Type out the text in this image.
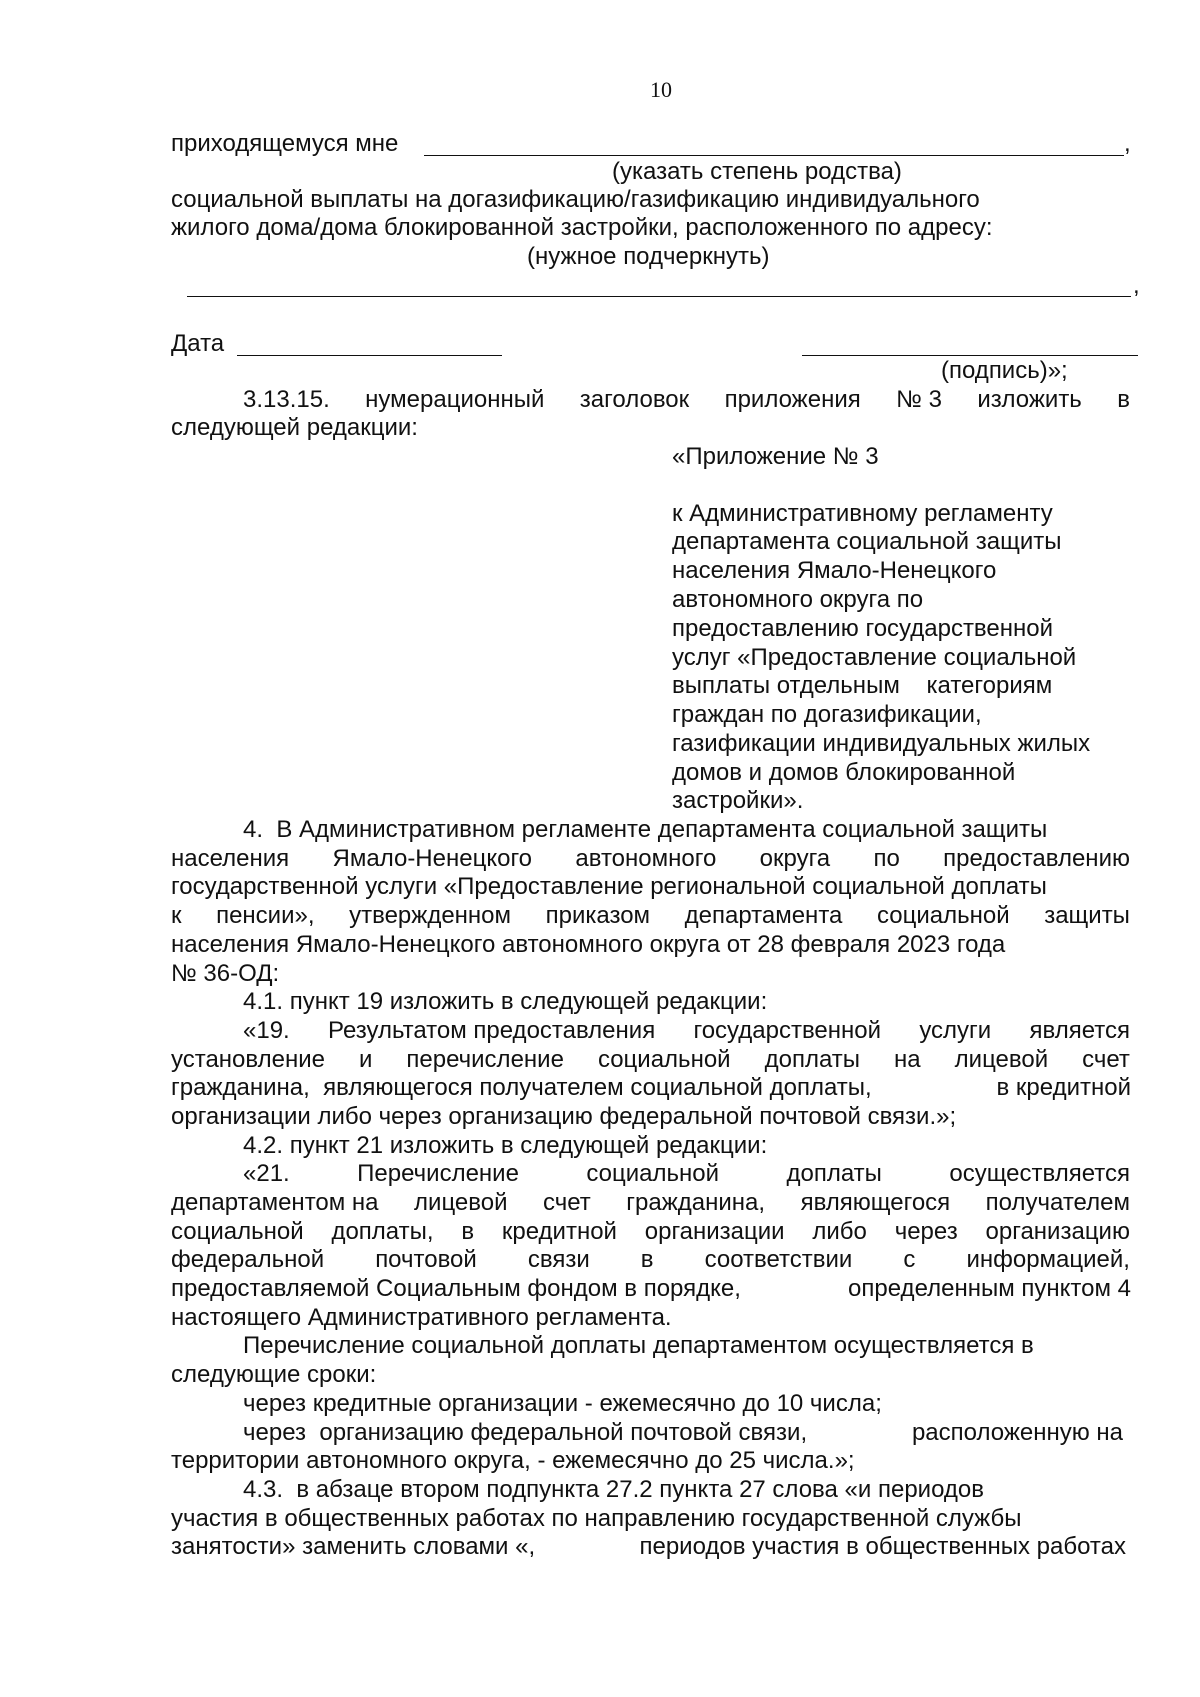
10
приходящемуся мне	,
(указать степень родства)
социальной выплаты на догазификацию/газификацию индивидуального
жилого дома/дома блокированной застройки, расположенного по адресу:
(нужное подчеркнуть)
,
Дата
(подпись)»;
3.13.15. нумерационный заголовок приложения № 3 изложить в
следующей редакции:
«Приложение № 3
к Административному регламенту
департамента социальной защиты
населения Ямало-Ненецкого
автономного округа по
предоставлению государственной
услуг «Предоставление социальной
выплаты отдельным    категориям
граждан по догазификации,
газификации индивидуальных жилых
домов и домов блокированной
застройки».
4.  В Административном регламенте департамента социальной защиты
населения Ямало-Ненецкого автономного округа по предоставлению
государственной услуги «Предоставление региональной социальной доплаты
к пенсии», утвержденном приказом департамента социальной защиты
населения Ямало-Ненецкого автономного округа от 28 февраля 2023 года
№ 36-ОД:
4.1. пункт 19 изложить в следующей редакции:
«19. Результатом предоставления государственной услуги является
установление и перечисление социальной доплаты на лицевой счет
гражданина,  являющегося получателем социальной доплаты,	в кредитной
организации либо через организацию федеральной почтовой связи.»;
4.2. пункт 21 изложить в следующей редакции:
«21.	Перечисление	социальной	доплаты	осуществляется
департаментом на лицевой счет гражданина, являющегося получателем
социальной доплаты, в кредитной организации либо через организацию
федеральной почтовой связи в соответствии с информацией,
предоставляемой Социальным фондом в порядке,	определенным пунктом 4
настоящего Административного регламента.
Перечисление социальной доплаты департаментом осуществляется в
следующие сроки:
через кредитные организации - ежемесячно до 10 числа;
через  организацию федеральной почтовой связи,	расположенную на
территории автономного округа, - ежемесячно до 25 числа.»;
4.3.  в абзаце втором подпункта 27.2 пункта 27 слова «и периодов
участия в общественных работах по направлению государственной службы
занятости» заменить словами «,	периодов участия в общественных работах
